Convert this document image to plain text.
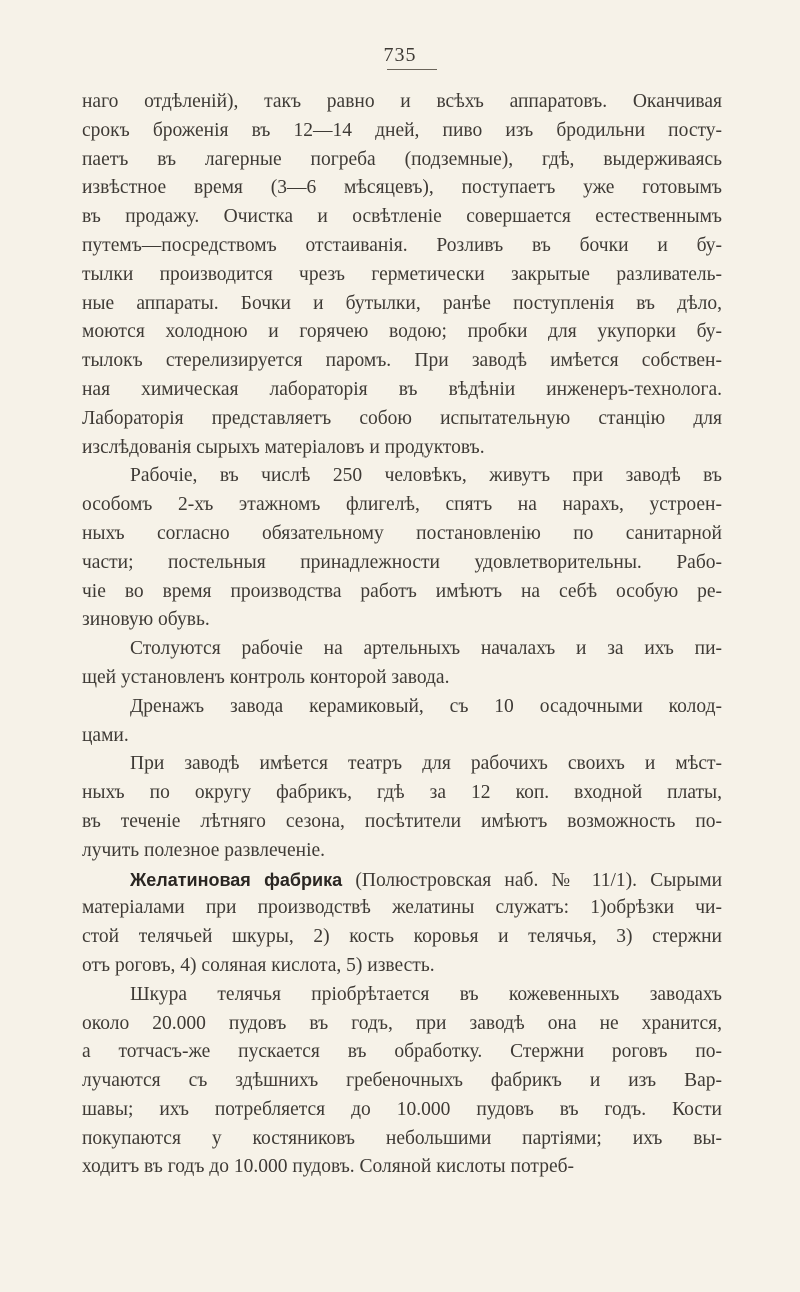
735
наго отдѣленій), такъ равно и всѣхъ аппаратовъ. Оканчивая
срокъ броженія въ 12—14 дней, пиво изъ бродильни посту-
паетъ въ лагерные погреба (подземные), гдѣ, выдерживаясь
извѣстное время (3—6 мѣсяцевъ), поступаетъ уже готовымъ
въ продажу. Очистка и освѣтленіе совершается естественнымъ
путемъ—посредствомъ отстаиванія. Розливъ въ бочки и бу-
тылки производится чрезъ герметически закрытые разливатель-
ные аппараты. Бочки и бутылки, ранѣе поступленія въ дѣло,
моются холодною и горячею водою; пробки для укупорки бу-
тылокъ стерелизируется паромъ. При заводѣ имѣется собствен-
ная химическая лабораторія въ вѣдѣніи инженеръ-технолога.
Лабораторія представляетъ собою испытательную станцію для
изслѣдованія сырыхъ матеріаловъ и продуктовъ.
Рабочіе, въ числѣ 250 человѣкъ, живутъ при заводѣ въ
особомъ 2-хъ этажномъ флигелѣ, спятъ на нарахъ, устроен-
ныхъ согласно обязательному постановленію по санитарной
части; постельныя принадлежности удовлетворительны. Рабо-
чіе во время производства работъ имѣютъ на себѣ особую ре-
зиновую обувь.
Столуются рабочіе на артельныхъ началахъ и за ихъ пи-
щей установленъ контроль конторой завода.
Дренажъ завода керамиковый, съ 10 осадочными колод-
цами.
При заводѣ имѣется театръ для рабочихъ своихъ и мѣст-
ныхъ по округу фабрикъ, гдѣ за 12 коп. входной платы,
въ теченіе лѣтняго сезона, посѣтители имѣютъ возможность по-
лучить полезное развлеченіе.
Желатиновая фабрика (Полюстровская наб. № 11/1). Сырыми
матеріалами при производствѣ желатины служатъ: 1)обрѣзки чи-
стой телячьей шкуры, 2) кость коровья и телячья, 3) стержни
отъ роговъ, 4) соляная кислота, 5) известь.
Шкура телячья пріобрѣтается въ кожевенныхъ заводахъ
около 20.000 пудовъ въ годъ, при заводѣ она не хранится,
а тотчасъ-же пускается въ обработку. Стержни роговъ по-
лучаются съ здѣшнихъ гребеночныхъ фабрикъ и изъ Вар-
шавы; ихъ потребляется до 10.000 пудовъ въ годъ. Кости
покупаются у костяниковъ небольшими партіями; ихъ вы-
ходитъ въ годъ до 10.000 пудовъ. Соляной кислоты потреб-
